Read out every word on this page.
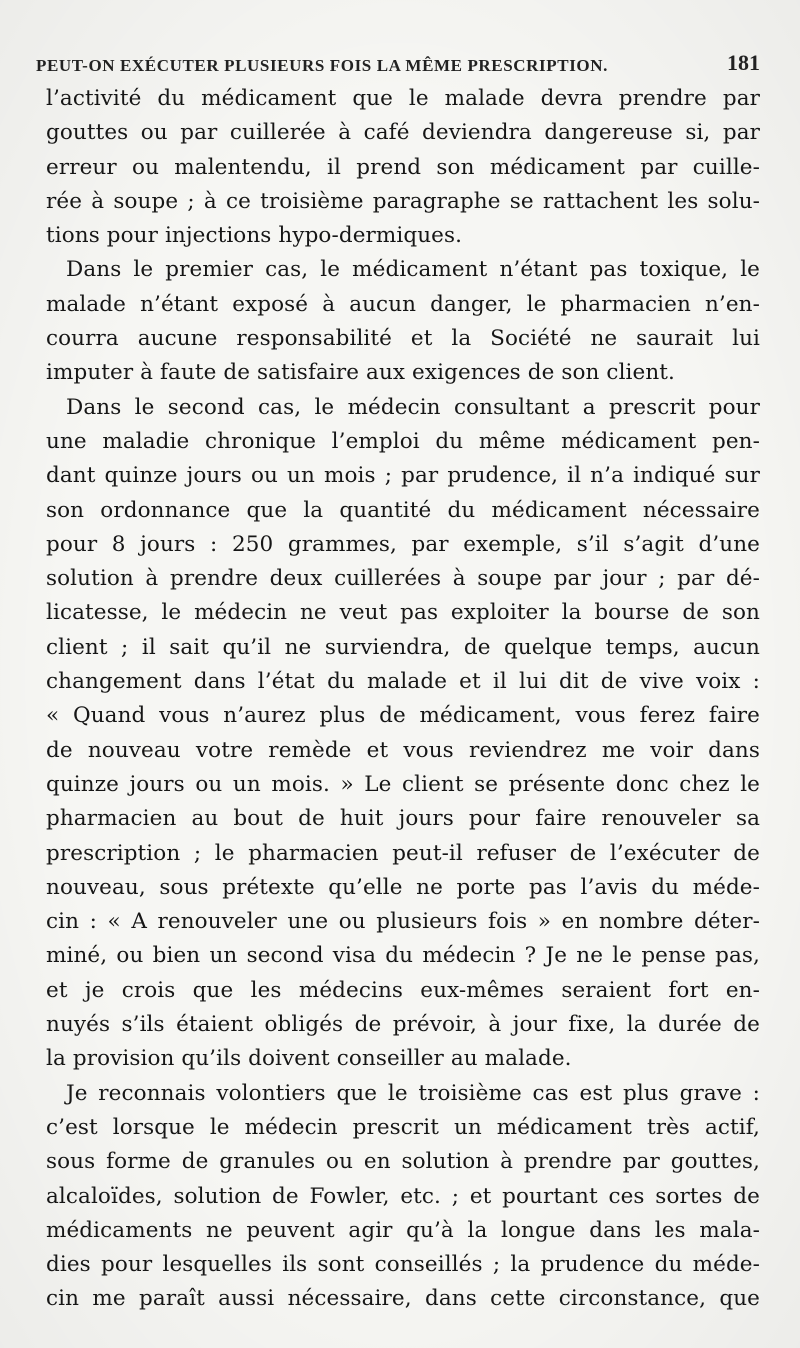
PEUT-ON EXÉCUTER PLUSIEURS FOIS LA MÊME PRESCRIPTION.	181
l’activité du médicament que le malade devra prendre par
gouttes ou par cuillerée à café deviendra dangereuse si, par
erreur ou malentendu, il prend son médicament par cuille-
rée à soupe ; à ce troisième paragraphe se rattachent les solu-
tions pour injections hypo-dermiques.
Dans le premier cas, le médicament n’étant pas toxique, le
malade n’étant exposé à aucun danger, le pharmacien n’en-
courra aucune responsabilité et la Société ne saurait lui
imputer à faute de satisfaire aux exigences de son client.
Dans le second cas, le médecin consultant a prescrit pour
une maladie chronique l’emploi du même médicament pen-
dant quinze jours ou un mois ; par prudence, il n’a indiqué sur
son ordonnance que la quantité du médicament nécessaire
pour 8 jours : 250 grammes, par exemple, s’il s’agit d’une
solution à prendre deux cuillerées à soupe par jour ; par dé-
licatesse, le médecin ne veut pas exploiter la bourse de son
client ; il sait qu’il ne surviendra, de quelque temps, aucun
changement dans l’état du malade et il lui dit de vive voix :
« Quand vous n’aurez plus de médicament, vous ferez faire
de nouveau votre remède et vous reviendrez me voir dans
quinze jours ou un mois. » Le client se présente donc chez le
pharmacien au bout de huit jours pour faire renouveler sa
prescription ; le pharmacien peut-il refuser de l’exécuter de
nouveau, sous prétexte qu’elle ne porte pas l’avis du méde-
cin : « A renouveler une ou plusieurs fois » en nombre déter-
miné, ou bien un second visa du médecin ? Je ne le pense pas,
et je crois que les médecins eux-mêmes seraient fort en-
nuyés s’ils étaient obligés de prévoir, à jour fixe, la durée de
la provision qu’ils doivent conseiller au malade.
Je reconnais volontiers que le troisième cas est plus grave :
c’est lorsque le médecin prescrit un médicament très actif,
sous forme de granules ou en solution à prendre par gouttes,
alcaloïdes, solution de Fowler, etc. ; et pourtant ces sortes de
médicaments ne peuvent agir qu’à la longue dans les mala-
dies pour lesquelles ils sont conseillés ; la prudence du méde-
cin me paraît aussi nécessaire, dans cette circonstance, que
